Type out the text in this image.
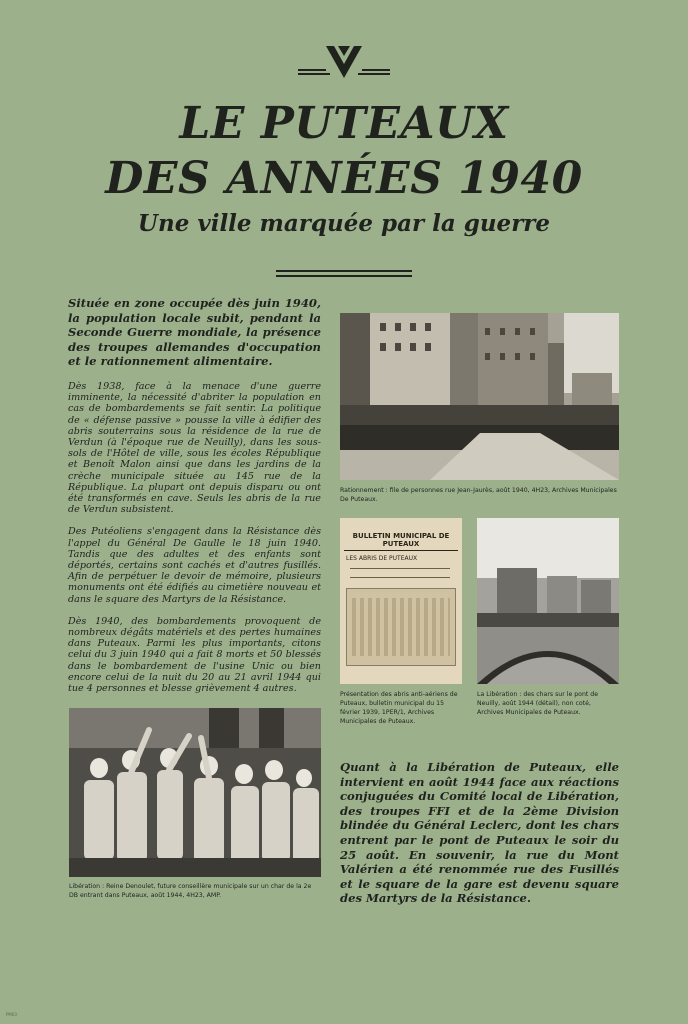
LE PUTEAUX
DES ANNÉES 1940
Une ville marquée par la guerre

Située en zone occupée dès juin 1940, la population locale subit, pendant la Seconde Guerre mondiale, la présence des troupes allemandes d'occupation et le rationnement alimentaire.

Dès 1938, face à la menace d'une guerre imminente, la nécessité d'abriter la population en cas de bombardements se fait sentir. La politique de « défense passive » pousse la ville à édifier des abris souterrains sous la résidence de la rue de Verdun (à l'époque rue de Neuilly), dans les sous-sols de l'Hôtel de ville, sous les écoles République et Benoît Malon ainsi que dans les jardins de la crèche municipale située au 145 rue de la République. La plupart ont depuis disparu ou ont été transformés en cave. Seuls les abris de la rue de Verdun subsistent.

Des Putéoliens s'engagent dans la Résistance dès l'appel du Général De Gaulle le 18 juin 1940. Tandis que des adultes et des enfants sont déportés, certains sont cachés et d'autres fusillés. Afin de perpétuer le devoir de mémoire, plusieurs monuments ont été édifiés au cimetière nouveau et dans le square des Martyrs de la Résistance.

Dès 1940, des bombardements provoquent de nombreux dégâts matériels et des pertes humaines dans Puteaux. Parmi les plus importants, citons celui du 3 juin 1940 qui a fait 8 morts et 50 blessés dans le bombardement de l'usine Unic ou bien encore celui de la nuit du 20 au 21 avril 1944 qui tue 4 personnes et blesse grièvement 4 autres.

Rationnement : file de personnes rue Jean-Jaurès, août 1940, 4H23, Archives Municipales De Puteaux.
BULLETIN MUNICIPAL DE PUTEAUX
LES ABRIS DE PUTEAUX
Présentation des abris anti-aériens de Puteaux, bulletin municipal du 15 février 1939, 1PER/1, Archives Municipales de Puteaux.
La Libération : des chars sur le pont de Neuilly, août 1944 (détail), non coté, Archives Municipales de Puteaux.
Libération : Reine Denoulet, future conseillère municipale sur un char de la 2e DB entrant dans Puteaux, août 1944, 4H23, AMP.

Quant à la Libération de Puteaux, elle intervient en août 1944 face aux réactions conjuguées du Comité local de Libération, des troupes FFI et de la 2ème Division blindée du Général Leclerc, dont les chars entrent par le pont de Puteaux le soir du 25 août. En souvenir, la rue du Mont Valérien a été renommée rue des Fusillés et le square de la gare est devenu square des Martyrs de la Résistance.

PM03
